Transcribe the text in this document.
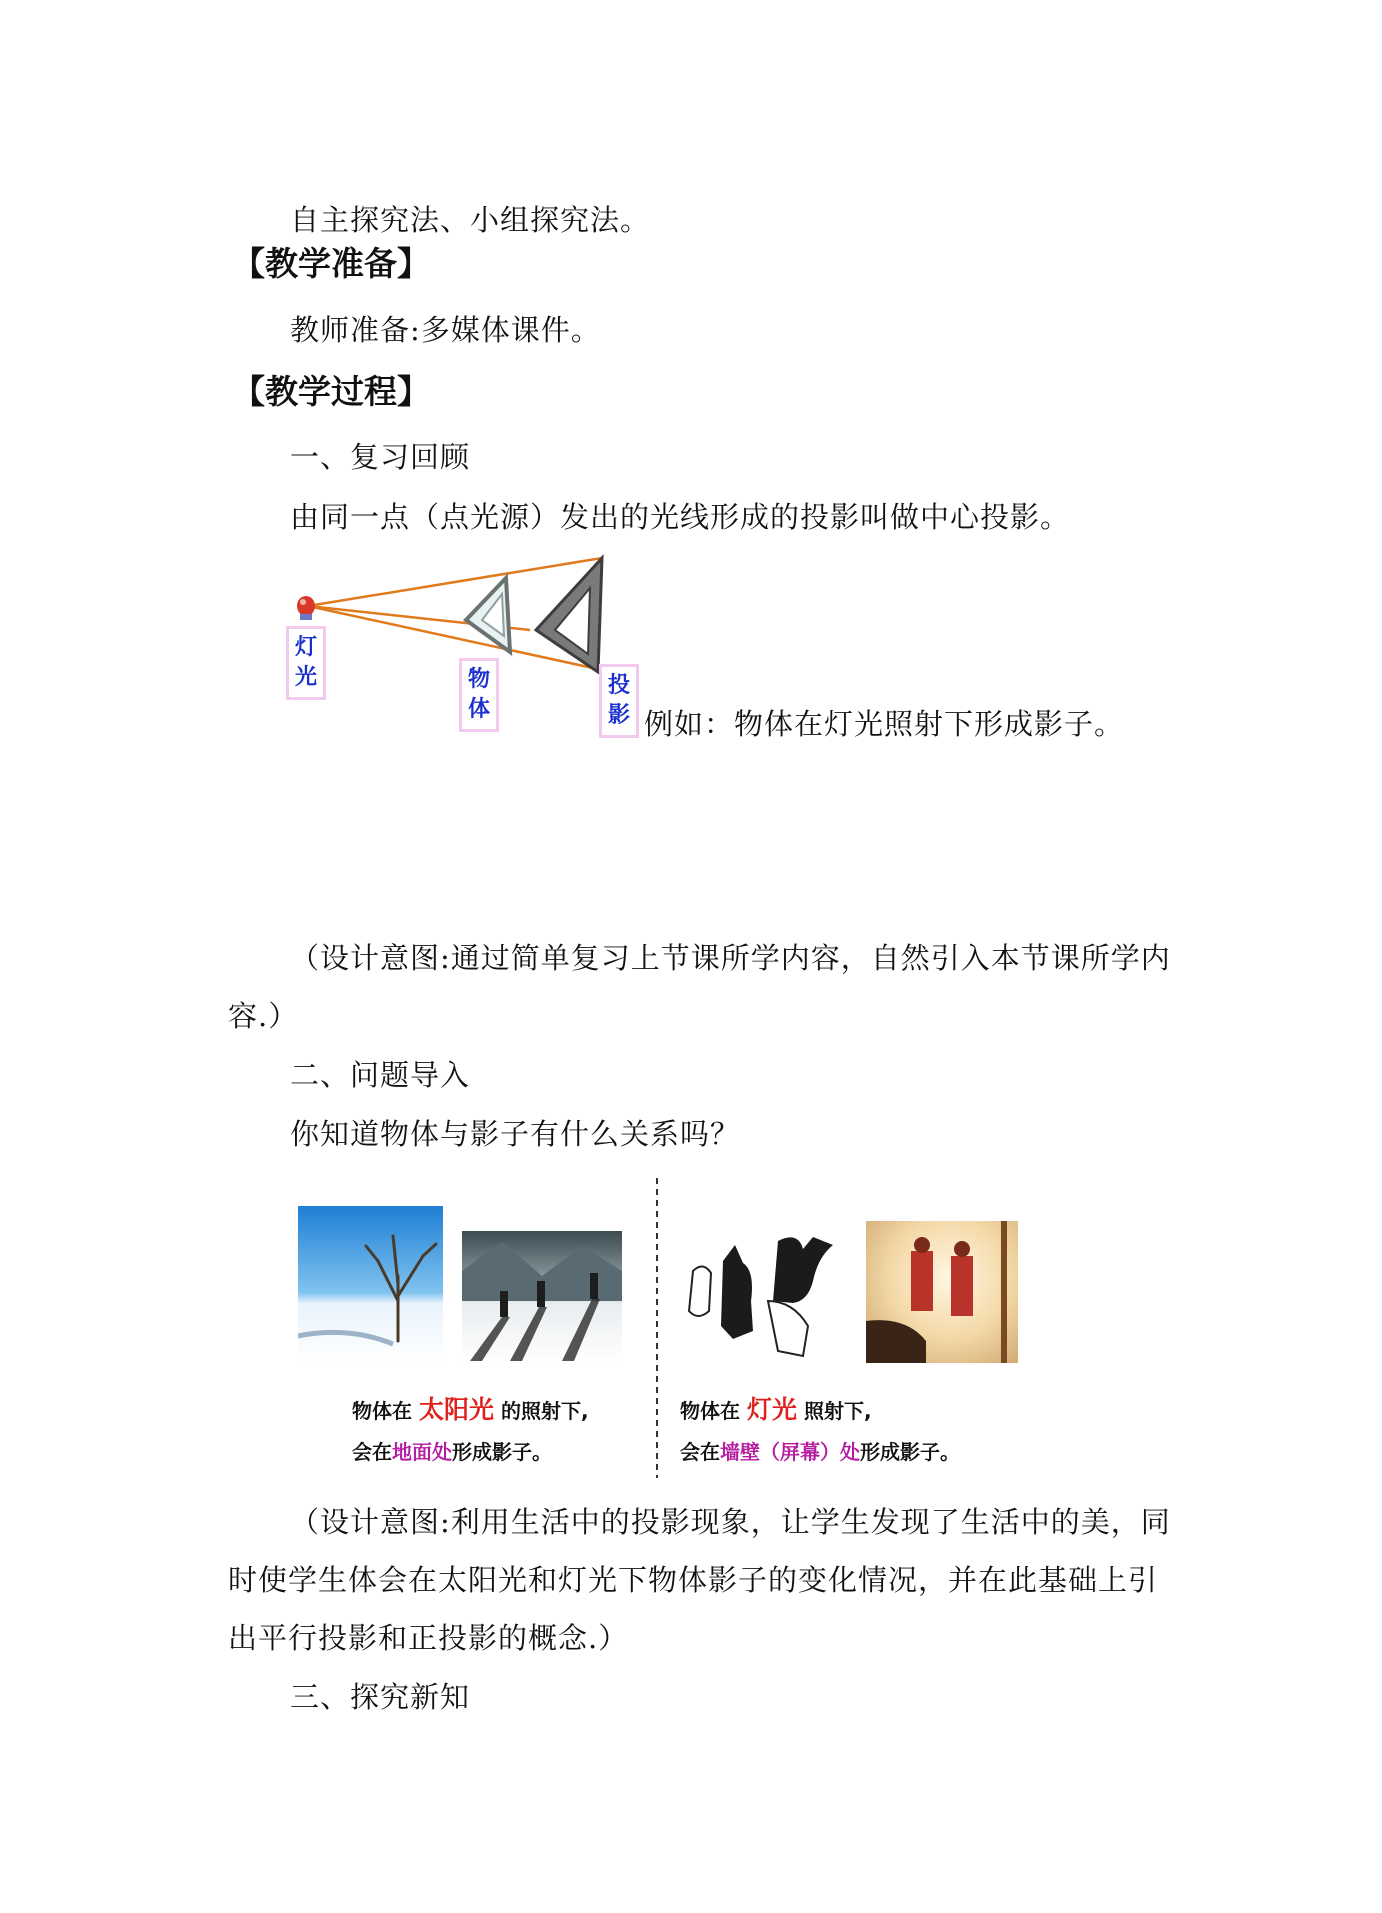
自主探究法、小组探究法。
【教学准备】
教师准备:多媒体课件。
【教学过程】
一、复习回顾
由同一点（点光源）发出的光线形成的投影叫做中心投影。
灯
光	物
体
投
影 例如：物体在灯光照射下形成影子。
（设计意图:通过简单复习上节课所学内容，自然引入本节课所学内
容.）
二、问题导入
你知道物体与影子有什么关系吗？
物体在 太阳光 的照射下,
会在地面处形成影子。
物体在 灯光 照射下,
会在墙壁（屏幕）处形成影子。
（设计意图:利用生活中的投影现象，让学生发现了生活中的美，同
时使学生体会在太阳光和灯光下物体影子的变化情况，并在此基础上引
出平行投影和正投影的概念.）
三、探究新知
